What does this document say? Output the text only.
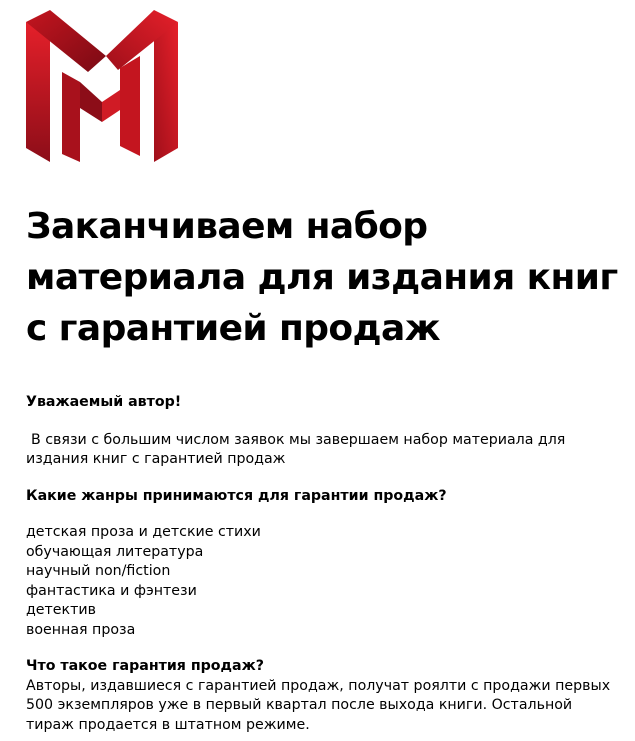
Заканчиваем набор
материала для издания книг
с гарантией продаж

Уважаемый автор!

В связи с большим числом заявок мы завершаем набор материала для издания книг с гарантией продаж

Какие жанры принимаются для гарантии продаж?

детская проза и детские стихи
обучающая литература
научный non/fiction
фантастика и фэнтези
детектив
военная проза

Что такое гарантия продаж?

Авторы, издавшиеся с гарантией продаж, получат роялти с продажи первых 500 экземпляров уже в первый квартал после выхода книги. Остальной тираж продается в штатном режиме.
